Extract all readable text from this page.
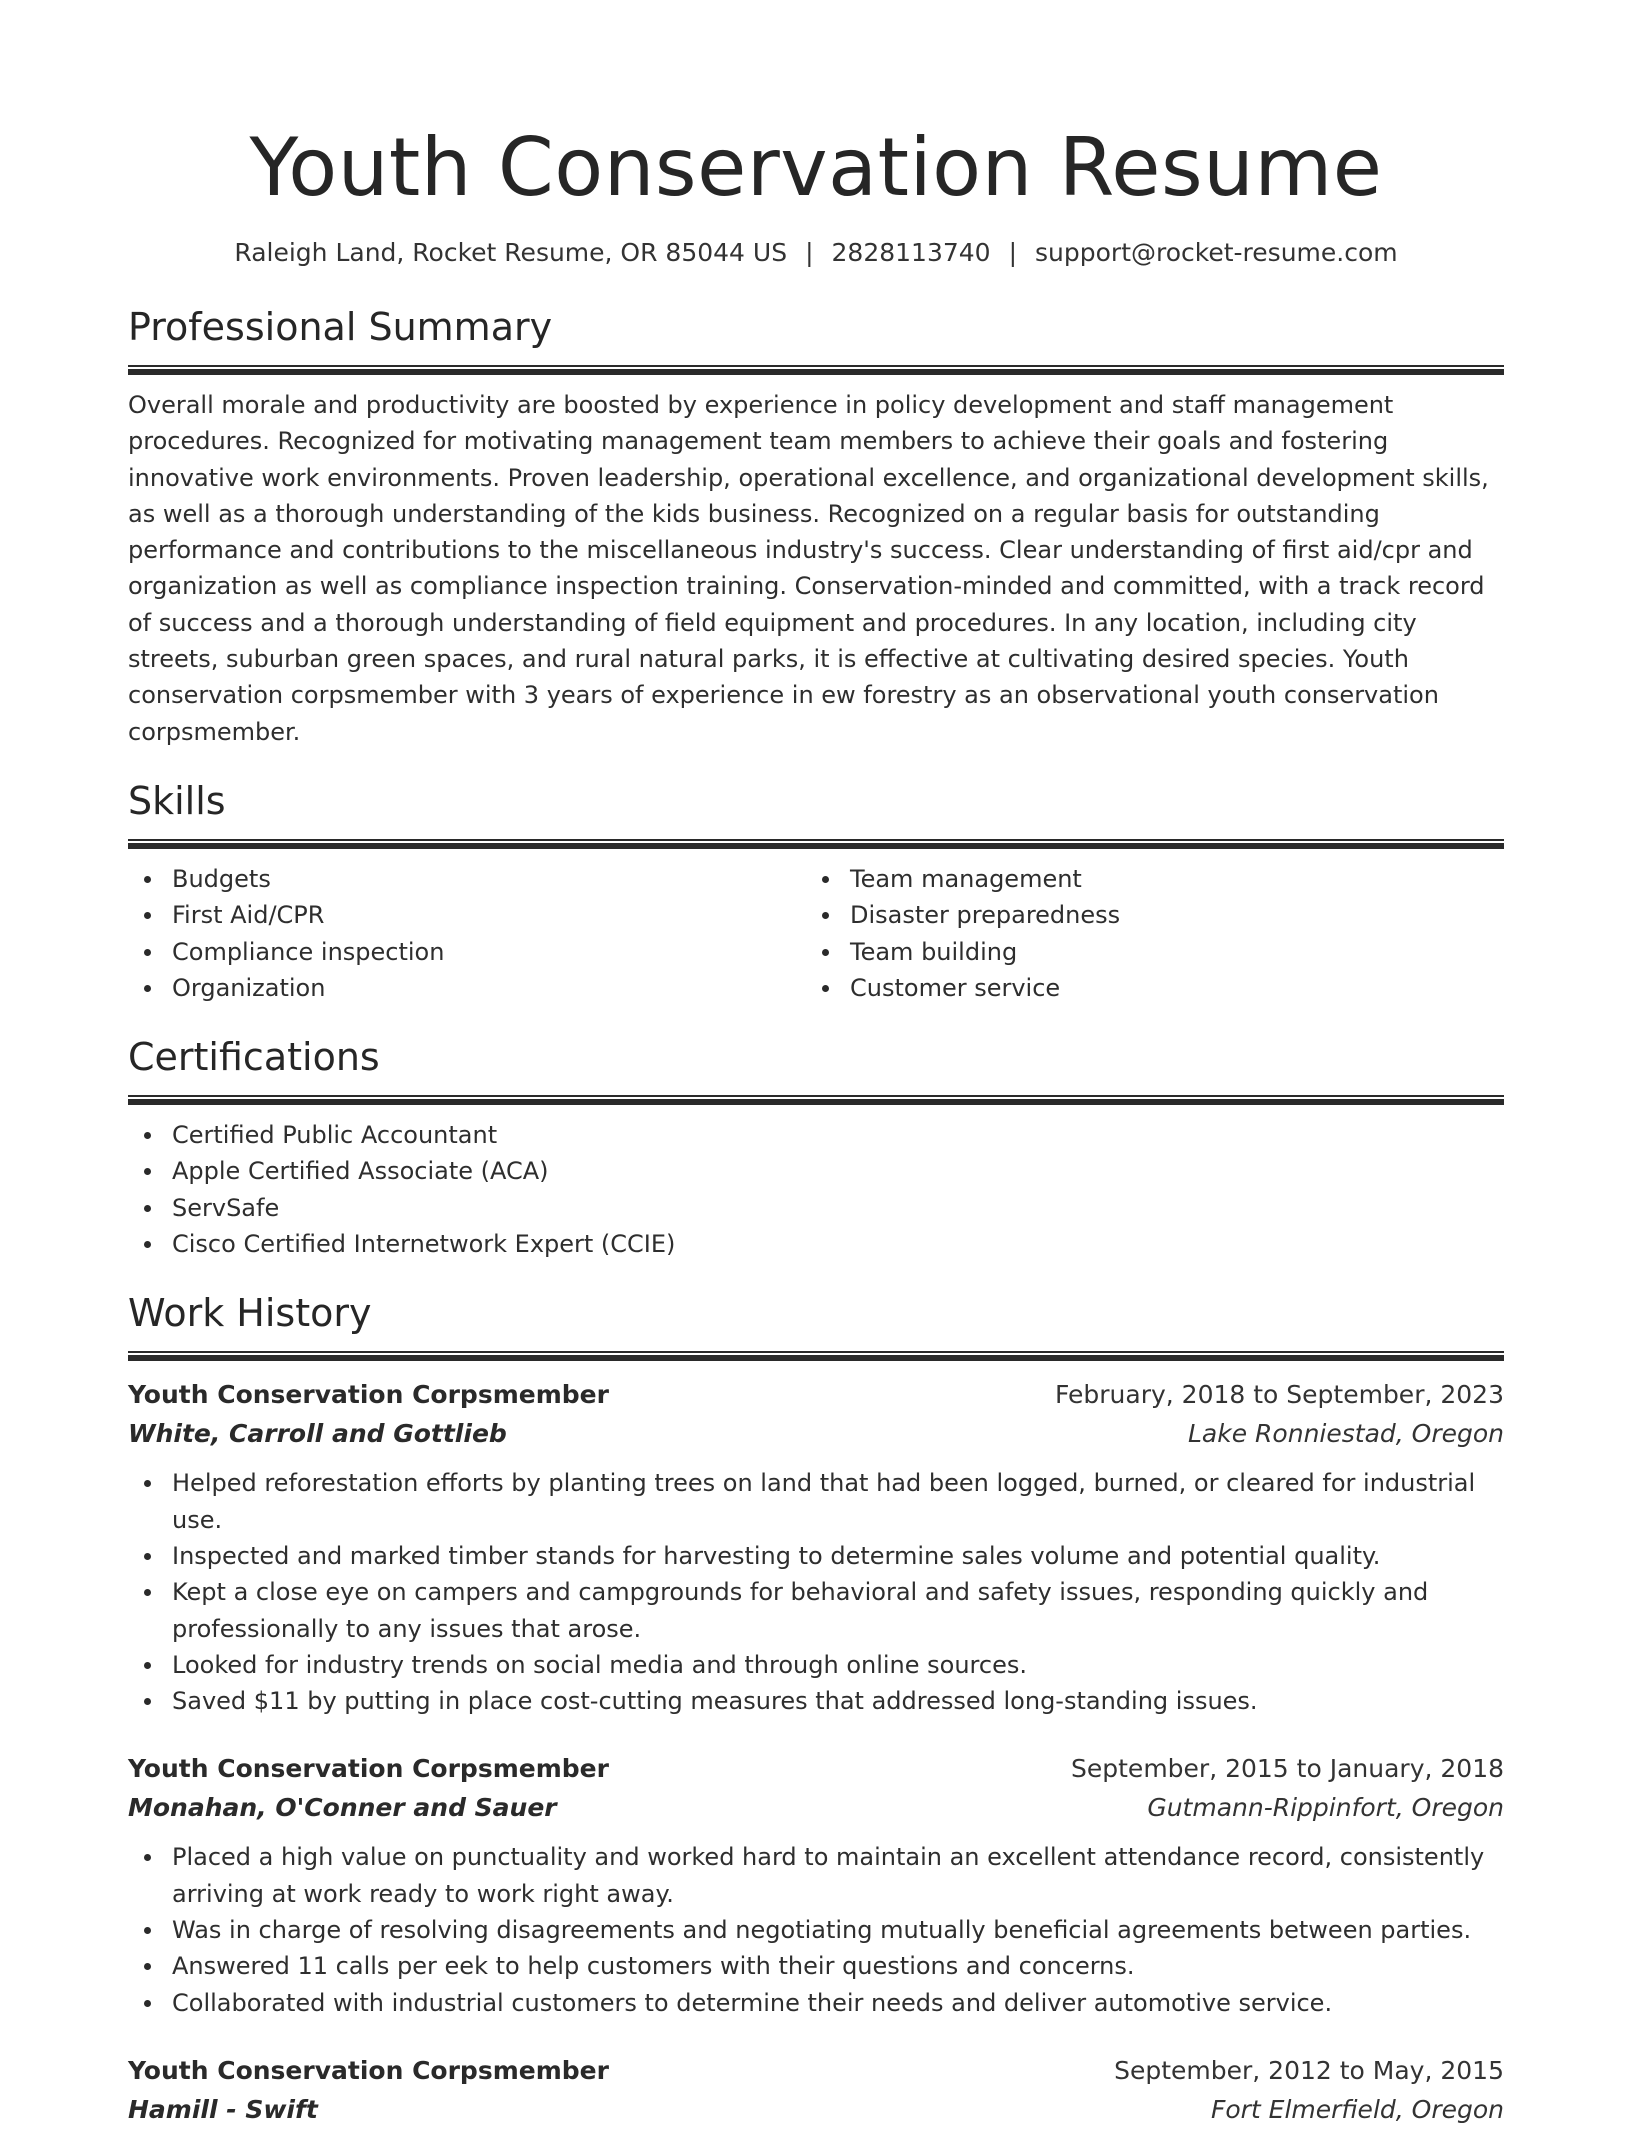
Youth Conservation Resume
Raleigh Land, Rocket Resume, OR 85044 US | 2828113740 | support@rocket-resume.com
Professional Summary

Overall morale and productivity are boosted by experience in policy development and staff management procedures. Recognized for motivating management team members to achieve their goals and fostering innovative work environments. Proven leadership, operational excellence, and organizational development skills, as well as a thorough understanding of the kids business. Recognized on a regular basis for outstanding performance and contributions to the miscellaneous industry's success. Clear understanding of first aid/cpr and organization as well as compliance inspection training. Conservation-minded and committed, with a track record of success and a thorough understanding of field equipment and procedures. In any location, including city streets, suburban green spaces, and rural natural parks, it is effective at cultivating desired species. Youth conservation corpsmember with 3 years of experience in ew forestry as an observational youth conservation corpsmember.

Skills
Budgets
First Aid/CPR
Compliance inspection
Organization
Team management
Disaster preparedness
Team building
Customer service
Certifications
Certified Public Accountant
Apple Certified Associate (ACA)
ServSafe
Cisco Certified Internetwork Expert (CCIE)
Work History
Youth Conservation Corpsmember	February, 2018 to September, 2023
White, Carroll and Gottlieb	Lake Ronniestad, Oregon
Helped reforestation efforts by planting trees on land that had been logged, burned, or cleared for industrial use.
Inspected and marked timber stands for harvesting to determine sales volume and potential quality.
Kept a close eye on campers and campgrounds for behavioral and safety issues, responding quickly and professionally to any issues that arose.
Looked for industry trends on social media and through online sources.
Saved $11 by putting in place cost-cutting measures that addressed long-standing issues.
Youth Conservation Corpsmember	September, 2015 to January, 2018
Monahan, O'Conner and Sauer	Gutmann-Rippinfort, Oregon
Placed a high value on punctuality and worked hard to maintain an excellent attendance record, consistently arriving at work ready to work right away.
Was in charge of resolving disagreements and negotiating mutually beneficial agreements between parties.
Answered 11 calls per eek to help customers with their questions and concerns.
Collaborated with industrial customers to determine their needs and deliver automotive service.
Youth Conservation Corpsmember	September, 2012 to May, 2015
Hamill - Swift	Fort Elmerfield, Oregon
